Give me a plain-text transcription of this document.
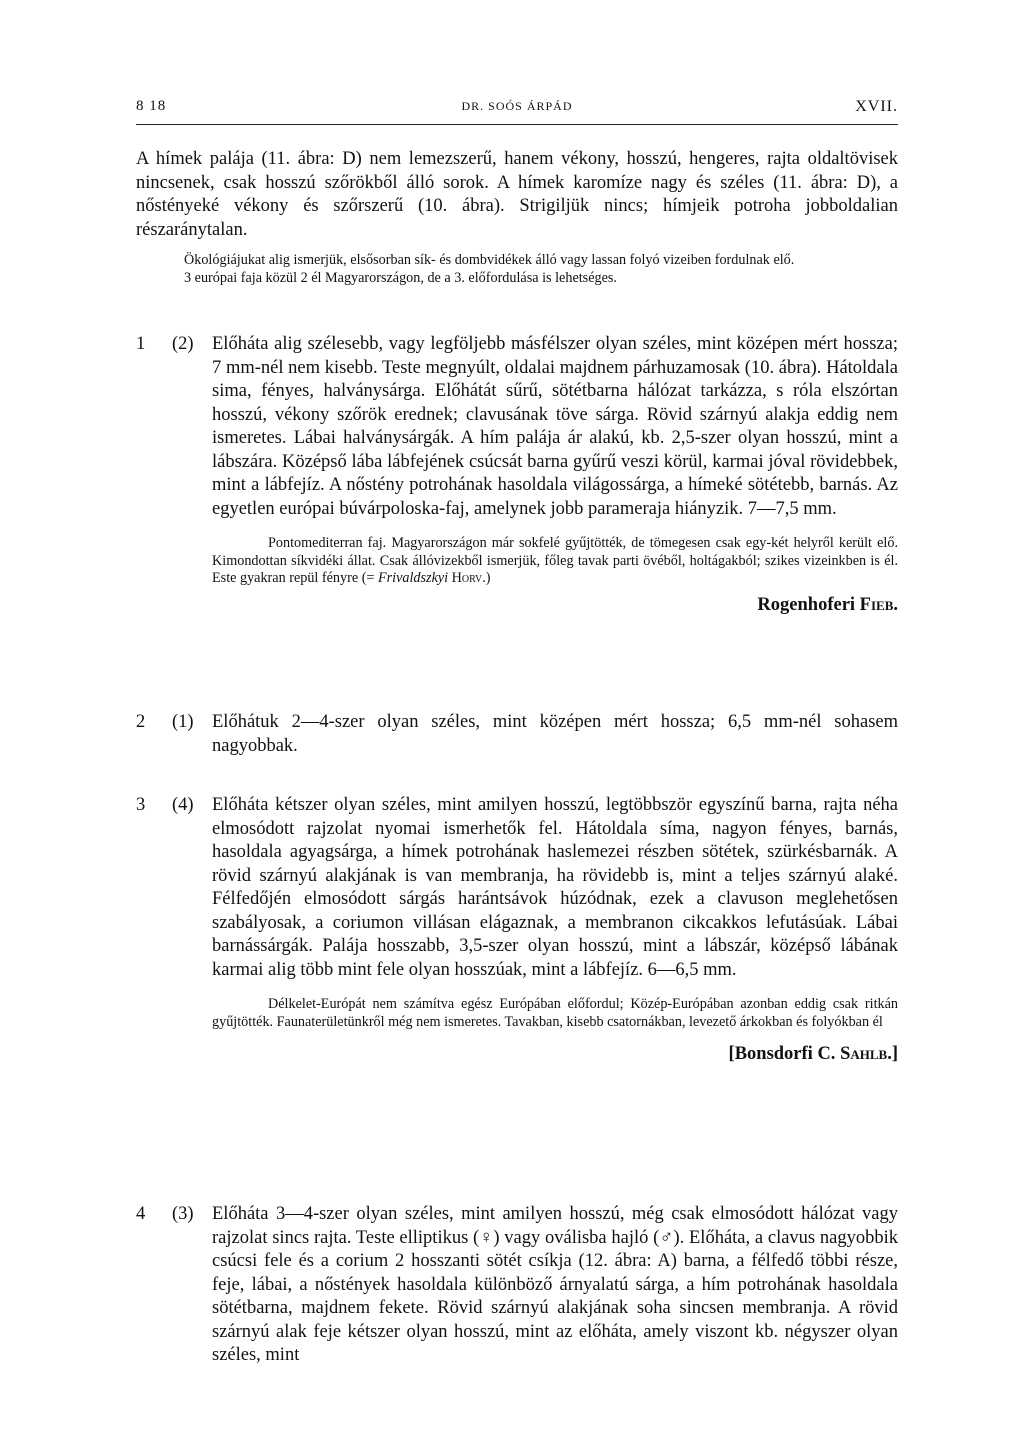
8 18	DR. SOÓS ÁRPÁD	XVII.

A hímek palája (11. ábra: D) nem lemezszerű, hanem vékony, hosszú, hengeres, rajta oldaltövisek nincsenek, csak hosszú szőrökből álló sorok. A hímek karomíze nagy és széles (11. ábra: D), a nőstényeké vékony és szőrszerű (10. ábra). Strigiljük nincs; hímjeik potroha jobboldalian részaránytalan.

Ökológiájukat alig ismerjük, elsősorban sík- és dombvidékek álló vagy lassan folyó vizeiben fordulnak elő.

3 európai faja közül 2 él Magyarországon, de a 3. előfordulása is lehetséges.

1 (2) Előháta alig szélesebb, vagy legföljebb másfélszer olyan széles, mint középen mért hossza; 7 mm-nél nem kisebb. Teste megnyúlt, oldalai majdnem párhuzamosak (10. ábra). Hátoldala sima, fényes, halványsárga. Előhátát sűrű, sötétbarna hálózat tarkázza, s róla elszórtan hosszú, vékony szőrök erednek; clavusának töve sárga. Rövid szárnyú alakja eddig nem ismeretes. Lábai halványsárgák. A hím palája ár alakú, kb. 2,5-szer olyan hosszú, mint a lábszára. Középső lába lábfejének csúcsát barna gyűrű veszi körül, karmai jóval rövidebbek, mint a lábfejíz. A nőstény potrohának hasoldala világossárga, a hímeké sötétebb, barnás. Az egyetlen európai búvárpoloska-faj, amelynek jobb parameraja hiányzik. 7—7,5 mm.

Pontomediterran faj. Magyarországon már sokfelé gyűjtötték, de tömegesen csak egy-két helyről került elő. Kimondottan síkvidéki állat. Csak állóvizekből ismerjük, főleg tavak parti övéből, holtágakból; szikes vizeinkben is él. Este gyakran repül fényre (= Frivaldszkyi Horv.)

Rogenhoferi Fieb.

2 (1) Előhátuk 2—4-szer olyan széles, mint középen mért hossza; 6,5 mm-nél sohasem nagyobbak.

3 (4) Előháta kétszer olyan széles, mint amilyen hosszú, legtöbbször egyszínű barna, rajta néha elmosódott rajzolat nyomai ismerhetők fel. Hátoldala síma, nagyon fényes, barnás, hasoldala agyagsárga, a hímek potrohának haslemezei részben sötétek, szürkésbarnák. A rövid szárnyú alakjának is van membranja, ha rövidebb is, mint a teljes szárnyú alaké. Félfedőjén elmosódott sárgás harántsávok húzódnak, ezek a clavuson meglehetősen szabályosak, a coriumon villásan elágaznak, a membranon cikcakkos lefutásúak. Lábai barnássárgák. Palája hosszabb, 3,5-szer olyan hosszú, mint a lábszár, középső lábának karmai alig több mint fele olyan hosszúak, mint a lábfejíz. 6—6,5 mm.

Délkelet-Európát nem számítva egész Európában előfordul; Közép-Európában azonban eddig csak ritkán gyűjtötték. Faunaterületünkről még nem ismeretes. Tavakban, kisebb csatornákban, levezető árkokban és folyókban él

[Bonsdorfi C. Sahlb.]

4 (3) Előháta 3—4-szer olyan széles, mint amilyen hosszú, még csak elmosódott hálózat vagy rajzolat sincs rajta. Teste elliptikus (♀) vagy oválisba hajló (♂). Előháta, a clavus nagyobbik csúcsi fele és a corium 2 hosszanti sötét csíkja (12. ábra: A) barna, a félfedő többi része, feje, lábai, a nőstények hasoldala különböző árnyalatú sárga, a hím potrohának hasoldala sötétbarna, majdnem fekete. Rövid szárnyú alakjának soha sincsen membranja. A rövid szárnyú alak feje kétszer olyan hosszú, mint az előháta, amely viszont kb. négyszer olyan széles, mint
